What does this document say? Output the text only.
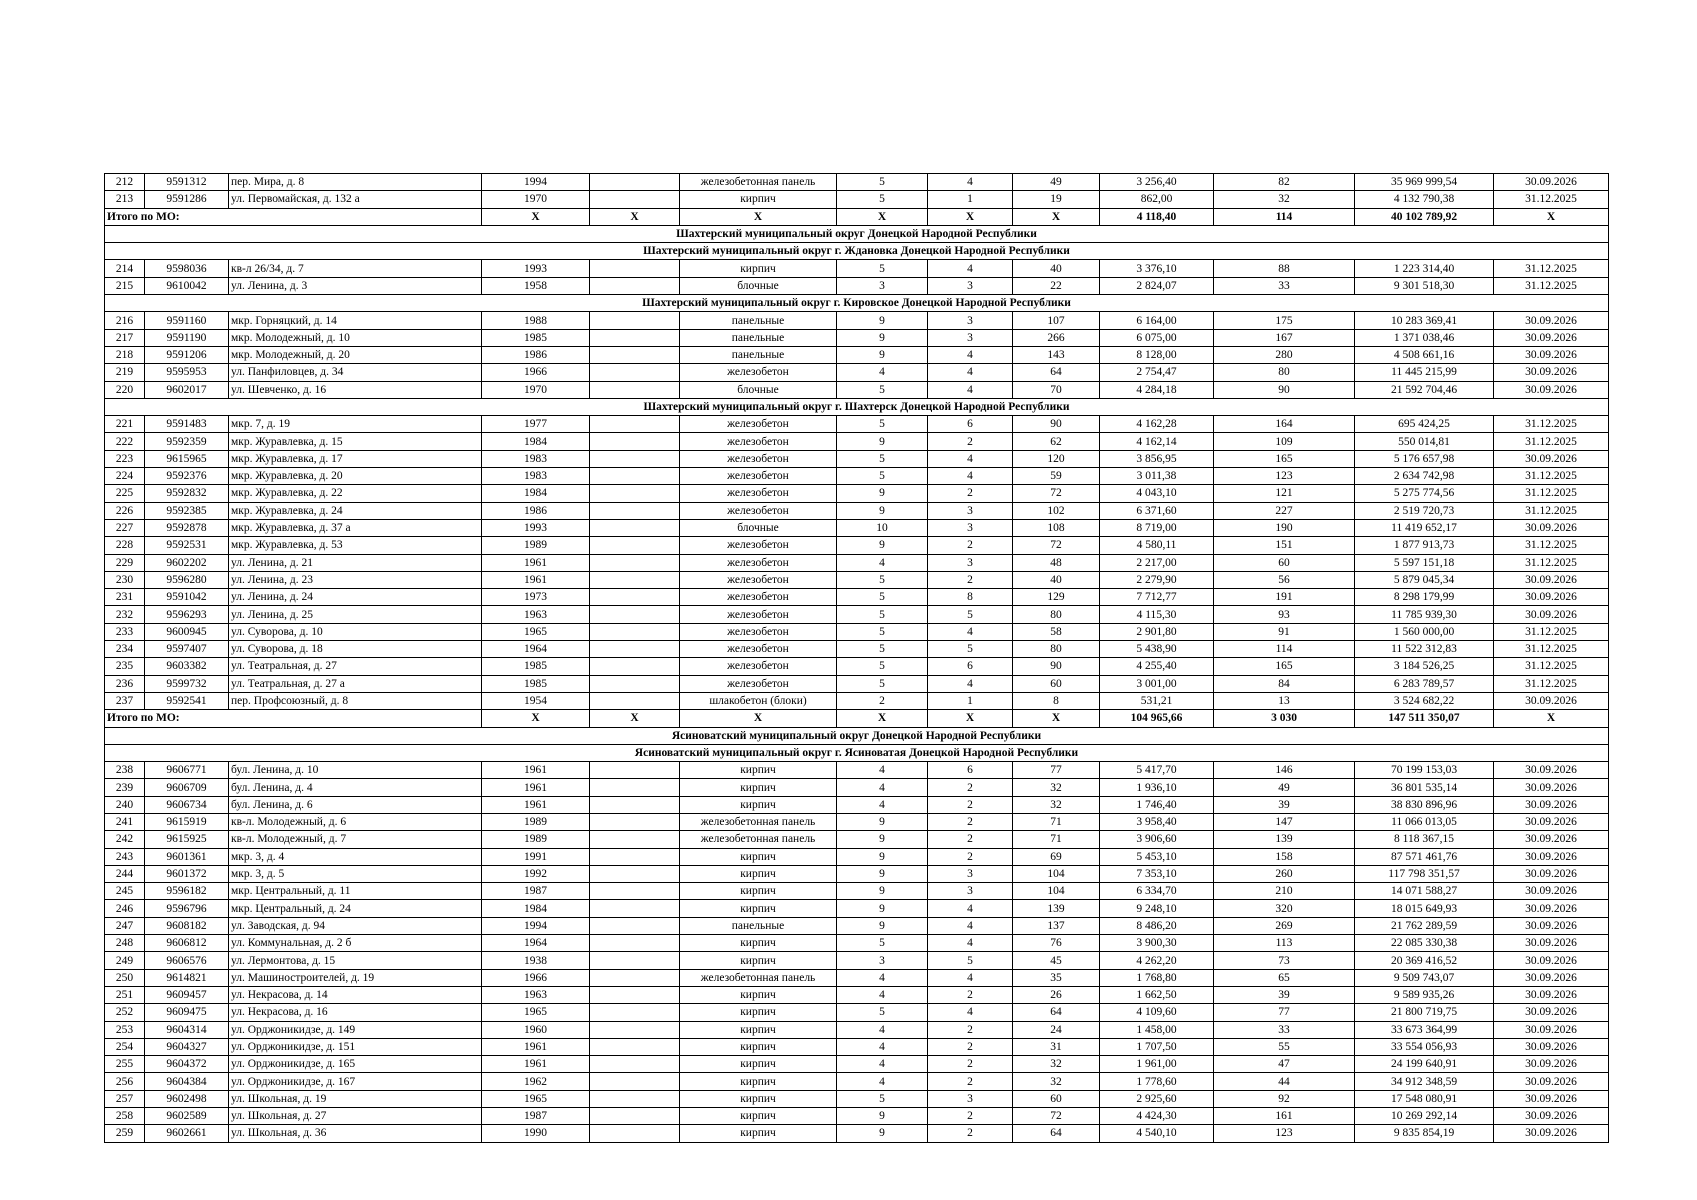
212	9591312	пер. Мира, д. 8	1994		железобетонная панель	5	4	49	3 256,40	82	35 969 999,54	30.09.2026
213	9591286	ул. Первомайская, д. 132 а	1970		кирпич	5	1	19	862,00	32	4 132 790,38	31.12.2025
Итого по МО:			X	X	X	X	X	X	4 118,40	114	40 102 789,92	X
Шахтерский муниципальный округ Донецкой Народной Республики												
Шахтерский муниципальный округ г. Ждановка Донецкой Народной Республики												
214	9598036	кв-л 26/34, д. 7	1993		кирпич	5	4	40	3 376,10	88	1 223 314,40	31.12.2025
215	9610042	ул. Ленина, д. 3	1958		блочные	3	3	22	2 824,07	33	9 301 518,30	31.12.2025
Шахтерский муниципальный округ г. Кировское Донецкой Народной Республики												
216	9591160	мкр. Горняцкий, д. 14	1988		панельные	9	3	107	6 164,00	175	10 283 369,41	30.09.2026
217	9591190	мкр. Молодежный, д. 10	1985		панельные	9	3	266	6 075,00	167	1 371 038,46	30.09.2026
218	9591206	мкр. Молодежный, д. 20	1986		панельные	9	4	143	8 128,00	280	4 508 661,16	30.09.2026
219	9595953	ул. Панфиловцев, д. 34	1966		железобетон	4	4	64	2 754,47	80	11 445 215,99	30.09.2026
220	9602017	ул. Шевченко, д. 16	1970		блочные	5	4	70	4 284,18	90	21 592 704,46	30.09.2026
Шахтерский муниципальный округ г. Шахтерск Донецкой Народной Республики												
221	9591483	мкр. 7, д. 19	1977		железобетон	5	6	90	4 162,28	164	695 424,25	31.12.2025
222	9592359	мкр. Журавлевка, д. 15	1984		железобетон	9	2	62	4 162,14	109	550 014,81	31.12.2025
223	9615965	мкр. Журавлевка, д. 17	1983		железобетон	5	4	120	3 856,95	165	5 176 657,98	30.09.2026
224	9592376	мкр. Журавлевка, д. 20	1983		железобетон	5	4	59	3 011,38	123	2 634 742,98	31.12.2025
225	9592832	мкр. Журавлевка, д. 22	1984		железобетон	9	2	72	4 043,10	121	5 275 774,56	31.12.2025
226	9592385	мкр. Журавлевка, д. 24	1986		железобетон	9	3	102	6 371,60	227	2 519 720,73	31.12.2025
227	9592878	мкр. Журавлевка, д. 37 а	1993		блочные	10	3	108	8 719,00	190	11 419 652,17	30.09.2026
228	9592531	мкр. Журавлевка, д. 53	1989		железобетон	9	2	72	4 580,11	151	1 877 913,73	31.12.2025
229	9602202	ул. Ленина, д. 21	1961		железобетон	4	3	48	2 217,00	60	5 597 151,18	31.12.2025
230	9596280	ул. Ленина, д. 23	1961		железобетон	5	2	40	2 279,90	56	5 879 045,34	30.09.2026
231	9591042	ул. Ленина, д. 24	1973		железобетон	5	8	129	7 712,77	191	8 298 179,99	30.09.2026
232	9596293	ул. Ленина, д. 25	1963		железобетон	5	5	80	4 115,30	93	11 785 939,30	30.09.2026
233	9600945	ул. Суворова, д. 10	1965		железобетон	5	4	58	2 901,80	91	1 560 000,00	31.12.2025
234	9597407	ул. Суворова, д. 18	1964		железобетон	5	5	80	5 438,90	114	11 522 312,83	31.12.2025
235	9603382	ул. Театральная, д. 27	1985		железобетон	5	6	90	4 255,40	165	3 184 526,25	31.12.2025
236	9599732	ул. Театральная, д. 27 а	1985		железобетон	5	4	60	3 001,00	84	6 283 789,57	31.12.2025
237	9592541	пер. Профсоюзный, д. 8	1954		шлакобетон (блоки)	2	1	8	531,21	13	3 524 682,22	30.09.2026
Итого по МО:			X	X	X	X	X	X	104 965,66	3 030	147 511 350,07	X
Ясиноватский муниципальный округ Донецкой Народной Республики												
Ясиноватский муниципальный округ г. Ясиноватая Донецкой Народной Республики												
238	9606771	бул. Ленина, д. 10	1961		кирпич	4	6	77	5 417,70	146	70 199 153,03	30.09.2026
239	9606709	бул. Ленина, д. 4	1961		кирпич	4	2	32	1 936,10	49	36 801 535,14	30.09.2026
240	9606734	бул. Ленина, д. 6	1961		кирпич	4	2	32	1 746,40	39	38 830 896,96	30.09.2026
241	9615919	кв-л. Молодежный, д. 6	1989		железобетонная панель	9	2	71	3 958,40	147	11 066 013,05	30.09.2026
242	9615925	кв-л. Молодежный, д. 7	1989		железобетонная панель	9	2	71	3 906,60	139	8 118 367,15	30.09.2026
243	9601361	мкр. 3, д. 4	1991		кирпич	9	2	69	5 453,10	158	87 571 461,76	30.09.2026
244	9601372	мкр. 3, д. 5	1992		кирпич	9	3	104	7 353,10	260	117 798 351,57	30.09.2026
245	9596182	мкр. Центральный, д. 11	1987		кирпич	9	3	104	6 334,70	210	14 071 588,27	30.09.2026
246	9596796	мкр. Центральный, д. 24	1984		кирпич	9	4	139	9 248,10	320	18 015 649,93	30.09.2026
247	9608182	ул. Заводская, д. 94	1994		панельные	9	4	137	8 486,20	269	21 762 289,59	30.09.2026
248	9606812	ул. Коммунальная, д. 2 б	1964		кирпич	5	4	76	3 900,30	113	22 085 330,38	30.09.2026
249	9606576	ул. Лермонтова, д. 15	1938		кирпич	3	5	45	4 262,20	73	20 369 416,52	30.09.2026
250	9614821	ул. Машиностроителей, д. 19	1966		железобетонная панель	4	4	35	1 768,80	65	9 509 743,07	30.09.2026
251	9609457	ул. Некрасова, д. 14	1963		кирпич	4	2	26	1 662,50	39	9 589 935,26	30.09.2026
252	9609475	ул. Некрасова, д. 16	1965		кирпич	5	4	64	4 109,60	77	21 800 719,75	30.09.2026
253	9604314	ул. Орджоникидзе, д. 149	1960		кирпич	4	2	24	1 458,00	33	33 673 364,99	30.09.2026
254	9604327	ул. Орджоникидзе, д. 151	1961		кирпич	4	2	31	1 707,50	55	33 554 056,93	30.09.2026
255	9604372	ул. Орджоникидзе, д. 165	1961		кирпич	4	2	32	1 961,00	47	24 199 640,91	30.09.2026
256	9604384	ул. Орджоникидзе, д. 167	1962		кирпич	4	2	32	1 778,60	44	34 912 348,59	30.09.2026
257	9602498	ул. Школьная, д. 19	1965		кирпич	5	3	60	2 925,60	92	17 548 080,91	30.09.2026
258	9602589	ул. Школьная, д. 27	1987		кирпич	9	2	72	4 424,30	161	10 269 292,14	30.09.2026
259	9602661	ул. Школьная, д. 36	1990		кирпич	9	2	64	4 540,10	123	9 835 854,19	30.09.2026
